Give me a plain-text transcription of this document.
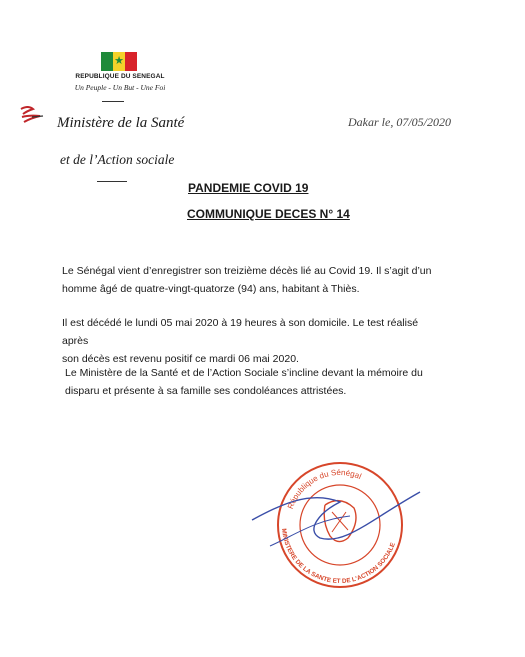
★
REPUBLIQUE DU SENEGAL
Un Peuple - Un But - Une Foi
Ministère de la Santé
et de l’Action sociale
Dakar le, 07/05/2020
PANDEMIE COVID 19
COMMUNIQUE DECES N° 14
Le Sénégal vient d’enregistrer son treizième décès lié au Covid 19. Il s’agit d’un
homme âgé de quatre-vingt-quatorze (94) ans, habitant à Thiès.
Il est décédé le lundi 05 mai 2020 à 19 heures à son domicile. Le test réalisé après
son décès est revenu positif ce mardi 06 mai 2020.
Le Ministère de la Santé et de l’Action Sociale s’incline devant la mémoire du
disparu et présente à sa famille ses condoléances attristées.
République du Sénégal
MINISTERE DE LA SANTE ET DE L'ACTION SOCIALE
